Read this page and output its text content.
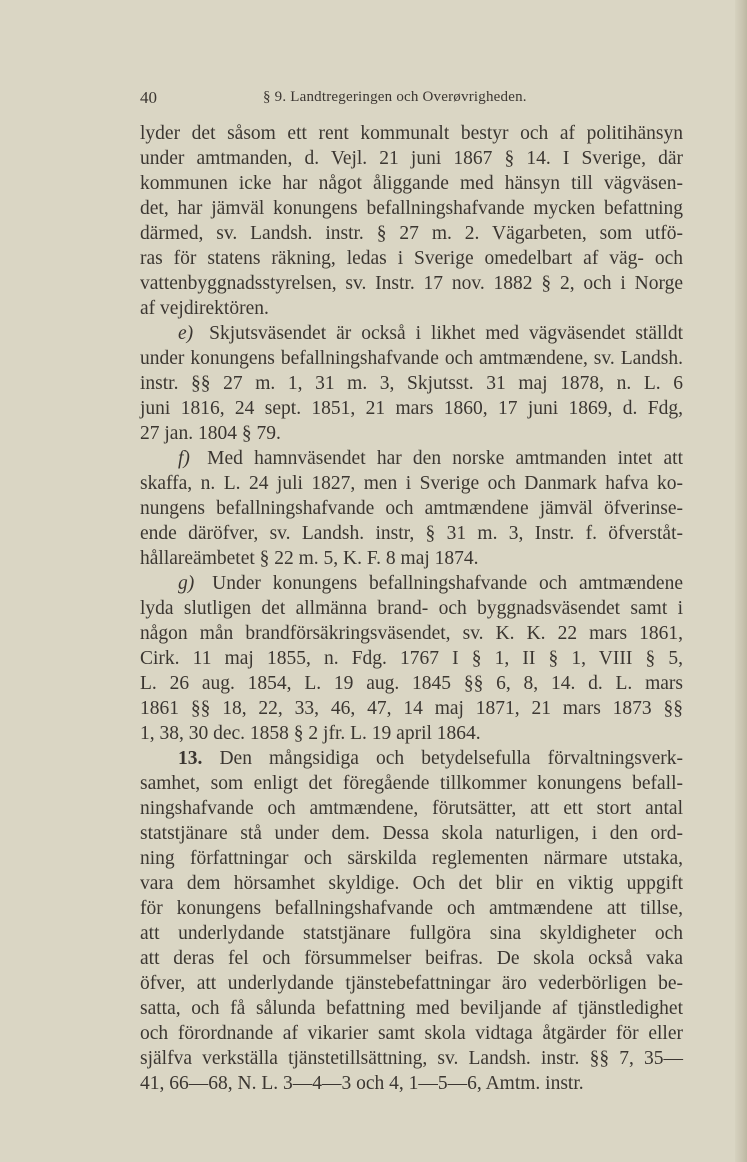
40	§ 9. Landtregeringen och Overøvrigheden.
lyder det såsom ett rent kommunalt bestyr och af politihänsyn
under amtmanden, d. Vejl. 21 juni 1867 § 14. I Sverige, där
kommunen icke har något åliggande med hänsyn till vägväsen-
det, har jämväl konungens befallningshafvande mycken befattning
därmed, sv. Landsh. instr. § 27 m. 2. Vägarbeten, som utfö-
ras för statens räkning, ledas i Sverige omedelbart af väg- och
vattenbyggnadsstyrelsen, sv. Instr. 17 nov. 1882 § 2, och i Norge
af vejdirektören.
e) Skjutsväsendet är också i likhet med vägväsendet ställdt
under konungens befallningshafvande och amtmændene, sv. Landsh.
instr. §§ 27 m. 1, 31 m. 3, Skjutsst. 31 maj 1878, n. L. 6
juni 1816, 24 sept. 1851, 21 mars 1860, 17 juni 1869, d. Fdg,
27 jan. 1804 § 79.
f) Med hamnväsendet har den norske amtmanden intet att
skaffa, n. L. 24 juli 1827, men i Sverige och Danmark hafva ko-
nungens befallningshafvande och amtmændene jämväl öfverinse-
ende däröfver, sv. Landsh. instr, § 31 m. 3, Instr. f. öfverståt-
hållareämbetet § 22 m. 5, K. F. 8 maj 1874.
g) Under konungens befallningshafvande och amtmændene
lyda slutligen det allmänna brand- och byggnadsväsendet samt i
någon mån brandförsäkringsväsendet, sv. K. K. 22 mars 1861,
Cirk. 11 maj 1855, n. Fdg. 1767 I § 1, II § 1, VIII § 5,
L. 26 aug. 1854, L. 19 aug. 1845 §§ 6, 8, 14. d. L. mars
1861 §§ 18, 22, 33, 46, 47, 14 maj 1871, 21 mars 1873 §§
1, 38, 30 dec. 1858 § 2 jfr. L. 19 april 1864.
13. Den mångsidiga och betydelsefulla förvaltningsverk-
samhet, som enligt det föregående tillkommer konungens befall-
ningshafvande och amtmændene, förutsätter, att ett stort antal
statstjänare stå under dem. Dessa skola naturligen, i den ord-
ning författningar och särskilda reglementen närmare utstaka,
vara dem hörsamhet skyldige. Och det blir en viktig uppgift
för konungens befallningshafvande och amtmændene att tillse,
att underlydande statstjänare fullgöra sina skyldigheter och
att deras fel och försummelser beifras. De skola också vaka
öfver, att underlydande tjänstebefattningar äro vederbörligen be-
satta, och få sålunda befattning med beviljande af tjänstledighet
och förordnande af vikarier samt skola vidtaga åtgärder för eller
själfva verkställa tjänstetillsättning, sv. Landsh. instr. §§ 7, 35—
41, 66—68, N. L. 3—4—3 och 4, 1—5—6, Amtm. instr.
